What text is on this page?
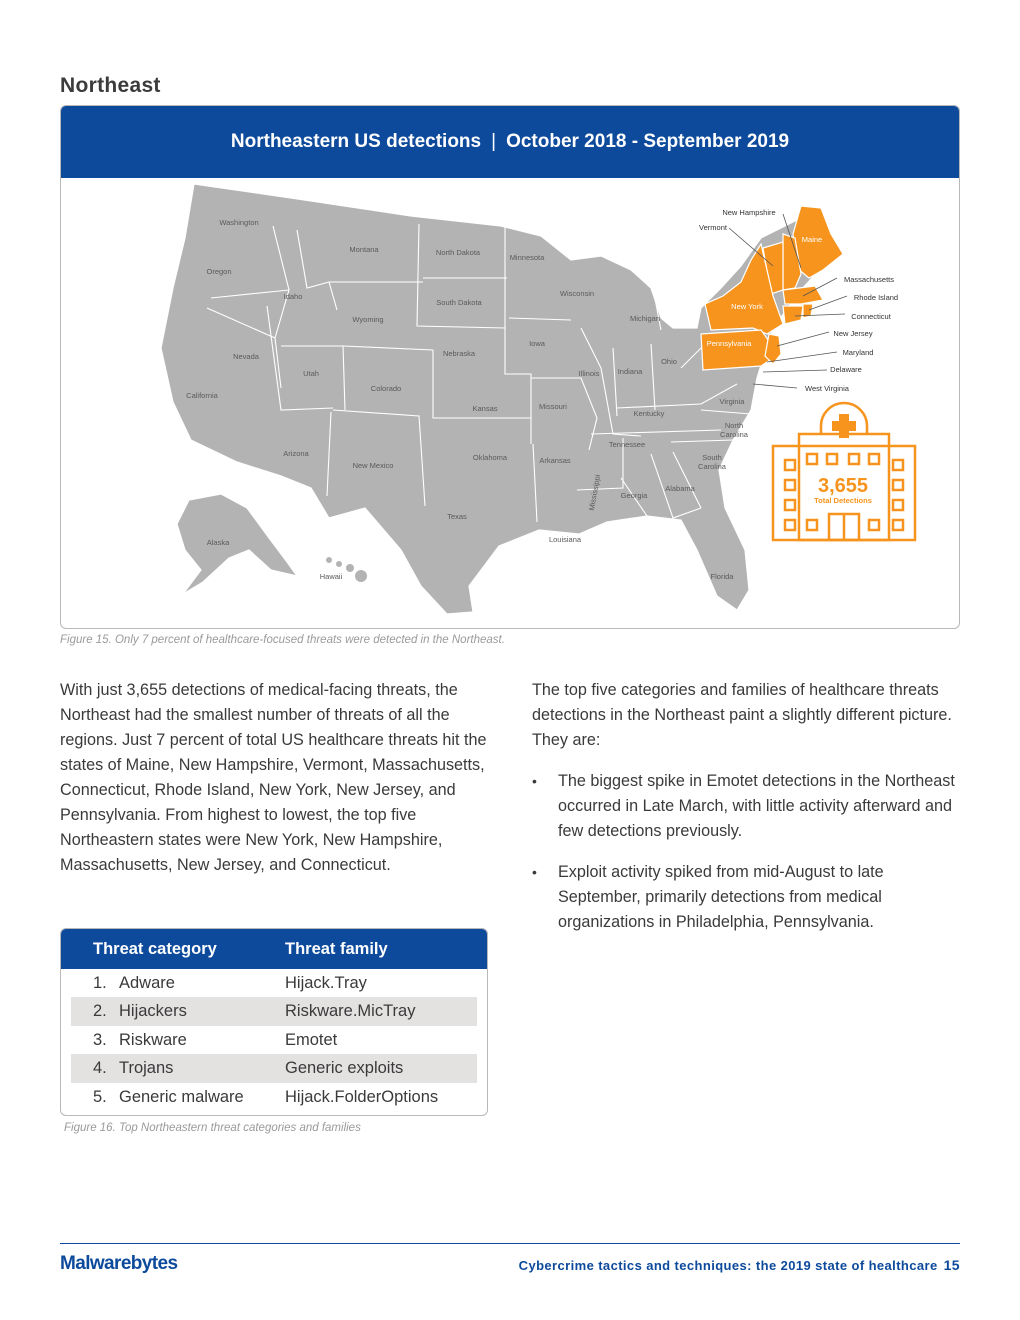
Northeast
Northeastern US detections | October 2018 - September 2019
Washington
Oregon
California
Idaho
Nevada
Montana
Wyoming
Utah
Arizona
Colorado
New Mexico
North Dakota
South Dakota
Nebraska
Kansas
Oklahoma
Texas
Minnesota
Iowa
Missouri
Arkansas
Louisiana
Wisconsin
Illinois
Michigan
Indiana
Ohio
Kentucky
Tennessee
Mississippi	Alabama
Georgia
Florida
South
Carolina
North
Carolina
Virginia
Alaska
Hawaii
Maine
New York
Pennsylvania
New Hampshire
Vermont
Massachusetts
Rhode Island
Connecticut
New Jersey
Maryland
Delaware
West Virginia
3,655
Total Detections
Figure 15. Only 7 percent of healthcare-focused threats were detected in the Northeast.
With just 3,655 detections of medical-facing threats, the Northeast had the smallest number of threats of all the regions. Just 7 percent of total US healthcare threats hit the states of Maine, New Hampshire, Vermont, Massachusetts, Connecticut, Rhode Island, New York, New Jersey, and Pennsylvania. From highest to lowest, the top five Northeastern states were New York, New Hampshire, Massachusetts, New Jersey, and Connecticut.

The top five categories and families of healthcare threats detections in the Northeast paint a slightly different picture. They are:

• The biggest spike in Emotet detections in the Northeast occurred in Late March, with little activity afterward and few detections previously.
• Exploit activity spiked from mid-August to late September, primarily detections from medical organizations in Philadelphia, Pennsylvania.
Threat category	Threat family
1. Adware	Hijack.Tray
2. Hijackers	Riskware.MicTray
3. Riskware	Emotet
4. Trojans	Generic exploits
5. Generic malware	Hijack.FolderOptions
Figure 16. Top Northeastern threat categories and families
Malwarebytes	Cybercrime tactics and techniques: the 2019 state of healthcare 15
